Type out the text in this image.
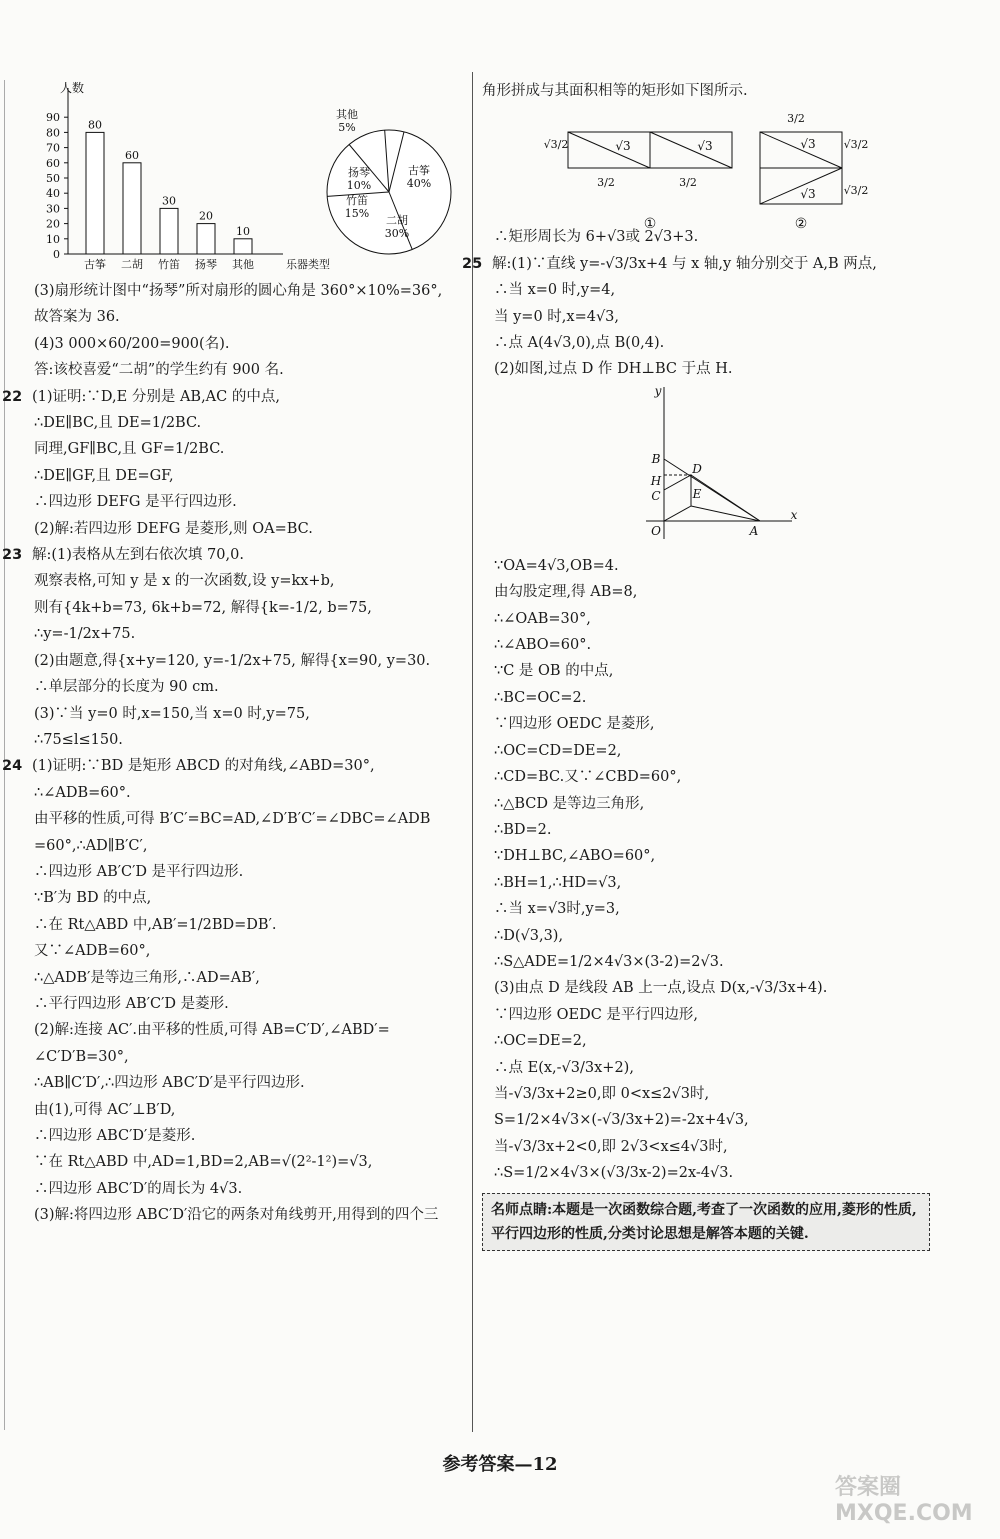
人数
0
10
20
30
40
50
60
70
80
90
80
古筝
60
二胡
30
竹笛
20
扬琴
10
其他	乐器类型
古筝
40%
二胡
30%
竹笛
15%
扬琴
10%
其他
5%
(3)扇形统计图中“扬琴”所对扇形的圆心角是 360°×10%=36°,
故答案为 36.
(4)3 000×60/200=900(名).
答:该校喜爱“二胡”的学生约有 900 名.
22 (1)证明:∵D,E 分别是 AB,AC 的中点,
∴DE∥BC,且 DE=1/2BC.
同理,GF∥BC,且 GF=1/2BC.
∴DE∥GF,且 DE=GF,
∴四边形 DEFG 是平行四边形.
(2)解:若四边形 DEFG 是菱形,则 OA=BC.
23 解:(1)表格从左到右依次填 70,0.
观察表格,可知 y 是 x 的一次函数,设 y=kx+b,
则有{4k+b=73, 6k+b=72, 解得{k=-1/2, b=75,
∴y=-1/2x+75.
(2)由题意,得{x+y=120, y=-1/2x+75, 解得{x=90, y=30.
∴单层部分的长度为 90 cm.
(3)∵当 y=0 时,x=150,当 x=0 时,y=75,
∴75≤l≤150.
24 (1)证明:∵BD 是矩形 ABCD 的对角线,∠ABD=30°,
∴∠ADB=60°.
由平移的性质,可得 B′C′=BC=AD,∠D′B′C′=∠DBC=∠ADB
=60°,∴AD∥B′C′,
∴四边形 AB′C′D 是平行四边形.
∵B′为 BD 的中点,
∴在 Rt△ABD 中,AB′=1/2BD=DB′.
又∵∠ADB=60°,
∴△ADB′是等边三角形,∴AD=AB′,
∴平行四边形 AB′C′D 是菱形.
(2)解:连接 AC′.由平移的性质,可得 AB=C′D′,∠ABD′=
∠C′D′B=30°,
∴AB∥C′D′,∴四边形 ABC′D′是平行四边形.
由(1),可得 AC′⊥B′D,
∴四边形 ABC′D′是菱形.
∵在 Rt△ABD 中,AD=1,BD=2,AB=√(2²-1²)=√3,
∴四边形 ABC′D′的周长为 4√3.
(3)解:将四边形 ABC′D′沿它的两条对角线剪开,用得到的四个三
角形拼成与其面积相等的矩形如下图所示.
√3	√3
√3/2
3/2	3/2
①
√3
√3
3/2
√3/2
√3/2
②
∴矩形周长为 6+√3或 2√3+3.
25 解:(1)∵直线 y=-√3/3x+4 与 x 轴,y 轴分别交于 A,B 两点,
∴当 x=0 时,y=4,
当 y=0 时,x=4√3,
∴点 A(4√3,0),点 B(0,4).
(2)如图,过点 D 作 DH⊥BC 于点 H.
y
x
O	A
B
H
C
D
E
∵OA=4√3,OB=4.
由勾股定理,得 AB=8,
∴∠OAB=30°,
∴∠ABO=60°.
∵C 是 OB 的中点,
∴BC=OC=2.
∵四边形 OEDC 是菱形,
∴OC=CD=DE=2,
∴CD=BC.又∵∠CBD=60°,
∴△BCD 是等边三角形,
∴BD=2.
∵DH⊥BC,∠ABO=60°,
∴BH=1,∴HD=√3,
∴当 x=√3时,y=3,
∴D(√3,3),
∴S△ADE=1/2×4√3×(3-2)=2√3.
(3)由点 D 是线段 AB 上一点,设点 D(x,-√3/3x+4).
∵四边形 OEDC 是平行四边形,
∴OC=DE=2,
∴点 E(x,-√3/3x+2),
当-√3/3x+2≥0,即 0<x≤2√3时,
S=1/2×4√3×(-√3/3x+2)=-2x+4√3,
当-√3/3x+2<0,即 2√3<x≤4√3时,
∴S=1/2×4√3×(√3/3x-2)=2x-4√3.
名师点睛:本题是一次函数综合题,考查了一次函数的应用,菱形的性质,平行四边形的性质,分类讨论思想是解答本题的关键.
参考答案—12
答案圈 MXQE.COM
